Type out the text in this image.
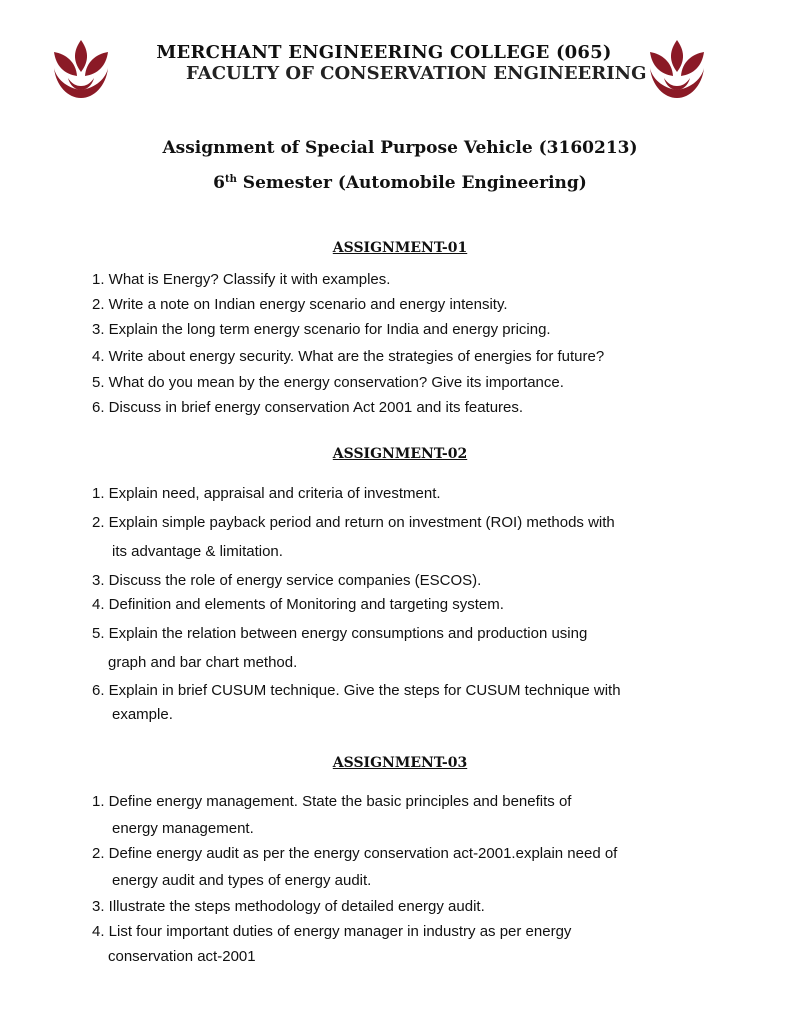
MERCHANT ENGINEERING COLLEGE (065)
FACULTY OF CONSERVATION ENGINEERING
Assignment of Special Purpose Vehicle (3160213)
6th Semester (Automobile Engineering)
ASSIGNMENT-01
1. What is Energy? Classify it with examples.
2. Write a note on Indian energy scenario and energy intensity.
3. Explain the long term energy scenario for India and energy pricing.
4. Write about energy security. What are the strategies of energies for future?
5. What do you mean by the energy conservation? Give its importance.
6. Discuss in brief energy conservation Act 2001 and its features.
ASSIGNMENT-02
1. Explain need, appraisal and criteria of investment.
2. Explain simple payback period and return on investment (ROI) methods with
its advantage & limitation.
3. Discuss the role of energy service companies (ESCOS).
4. Definition and elements of Monitoring and targeting system.
5. Explain the relation between energy consumptions and production using
graph and bar chart method.
6. Explain in brief CUSUM technique. Give the steps for CUSUM technique with
example.
ASSIGNMENT-03
1. Define energy management. State the basic principles and benefits of
energy management.
2. Define energy audit as per the energy conservation act-2001.explain need of
energy audit and types of energy audit.
3. Illustrate the steps methodology of detailed energy audit.
4. List four important duties of energy manager in industry as per energy
conservation act-2001
